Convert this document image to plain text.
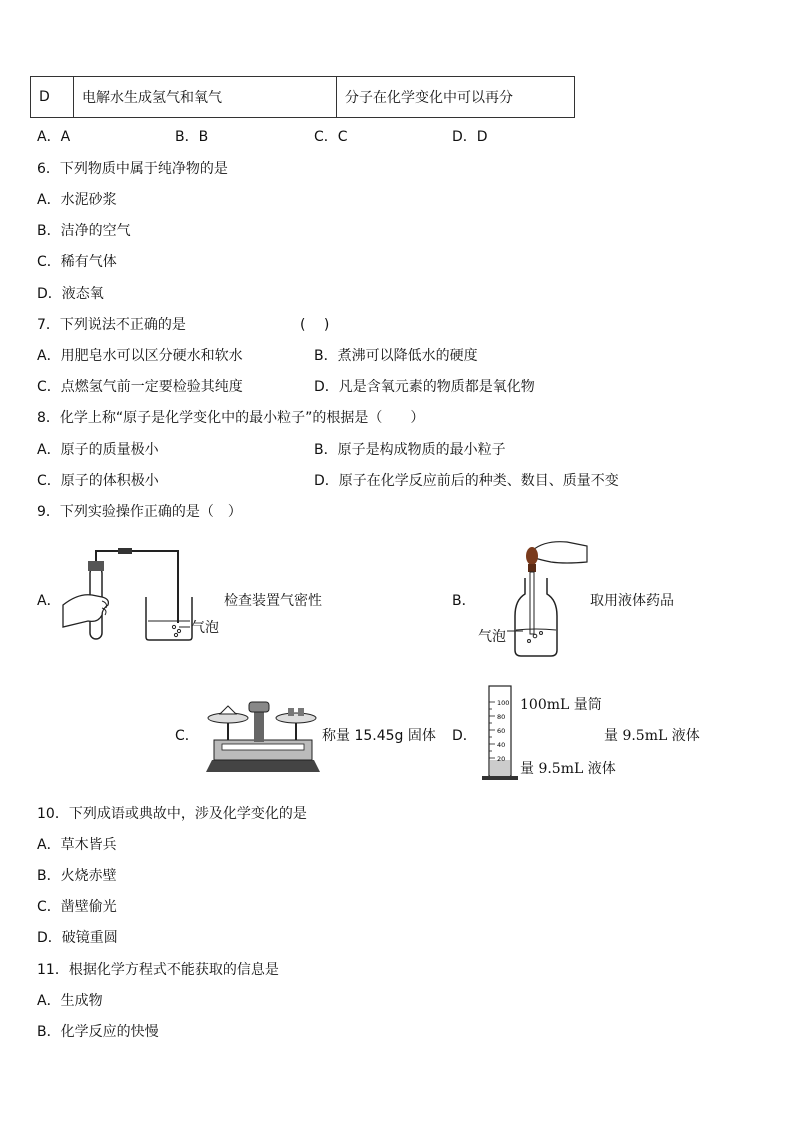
D	电解水生成氢气和氧气	分子在化学变化中可以再分
A．A	B．B	C．C	D．D
6．下列物质中属于纯净物的是
A．水泥砂浆
B．洁净的空气
C．稀有气体
D．液态氧
7．下列说法不正确的是	(　 )
A．用肥皂水可以区分硬水和软水	B．煮沸可以降低水的硬度
C．点燃氢气前一定要检验其纯度	D．凡是含氧元素的物质都是氧化物
8．化学上称“原子是化学变化中的最小粒子”的根据是（　　）
A．原子的质量极小	B．原子是构成物质的最小粒子
C．原子的体积极小	D．原子在化学反应前后的种类、数目、质量不变
9．下列实验操作正确的是（　）
A．
气泡
检查装置气密性	B．
气泡
取用液体药品
C．	称量 15.45g 固体 D．
100
80
60
40
20
100mL 量筒
量 9.5mL 液体
量 9.5mL 液体
10．下列成语或典故中，涉及化学变化的是
A．草木皆兵
B．火烧赤壁
C．凿壁偷光
D．破镜重圆
11．根据化学方程式不能获取的信息是
A．生成物
B．化学反应的快慢
